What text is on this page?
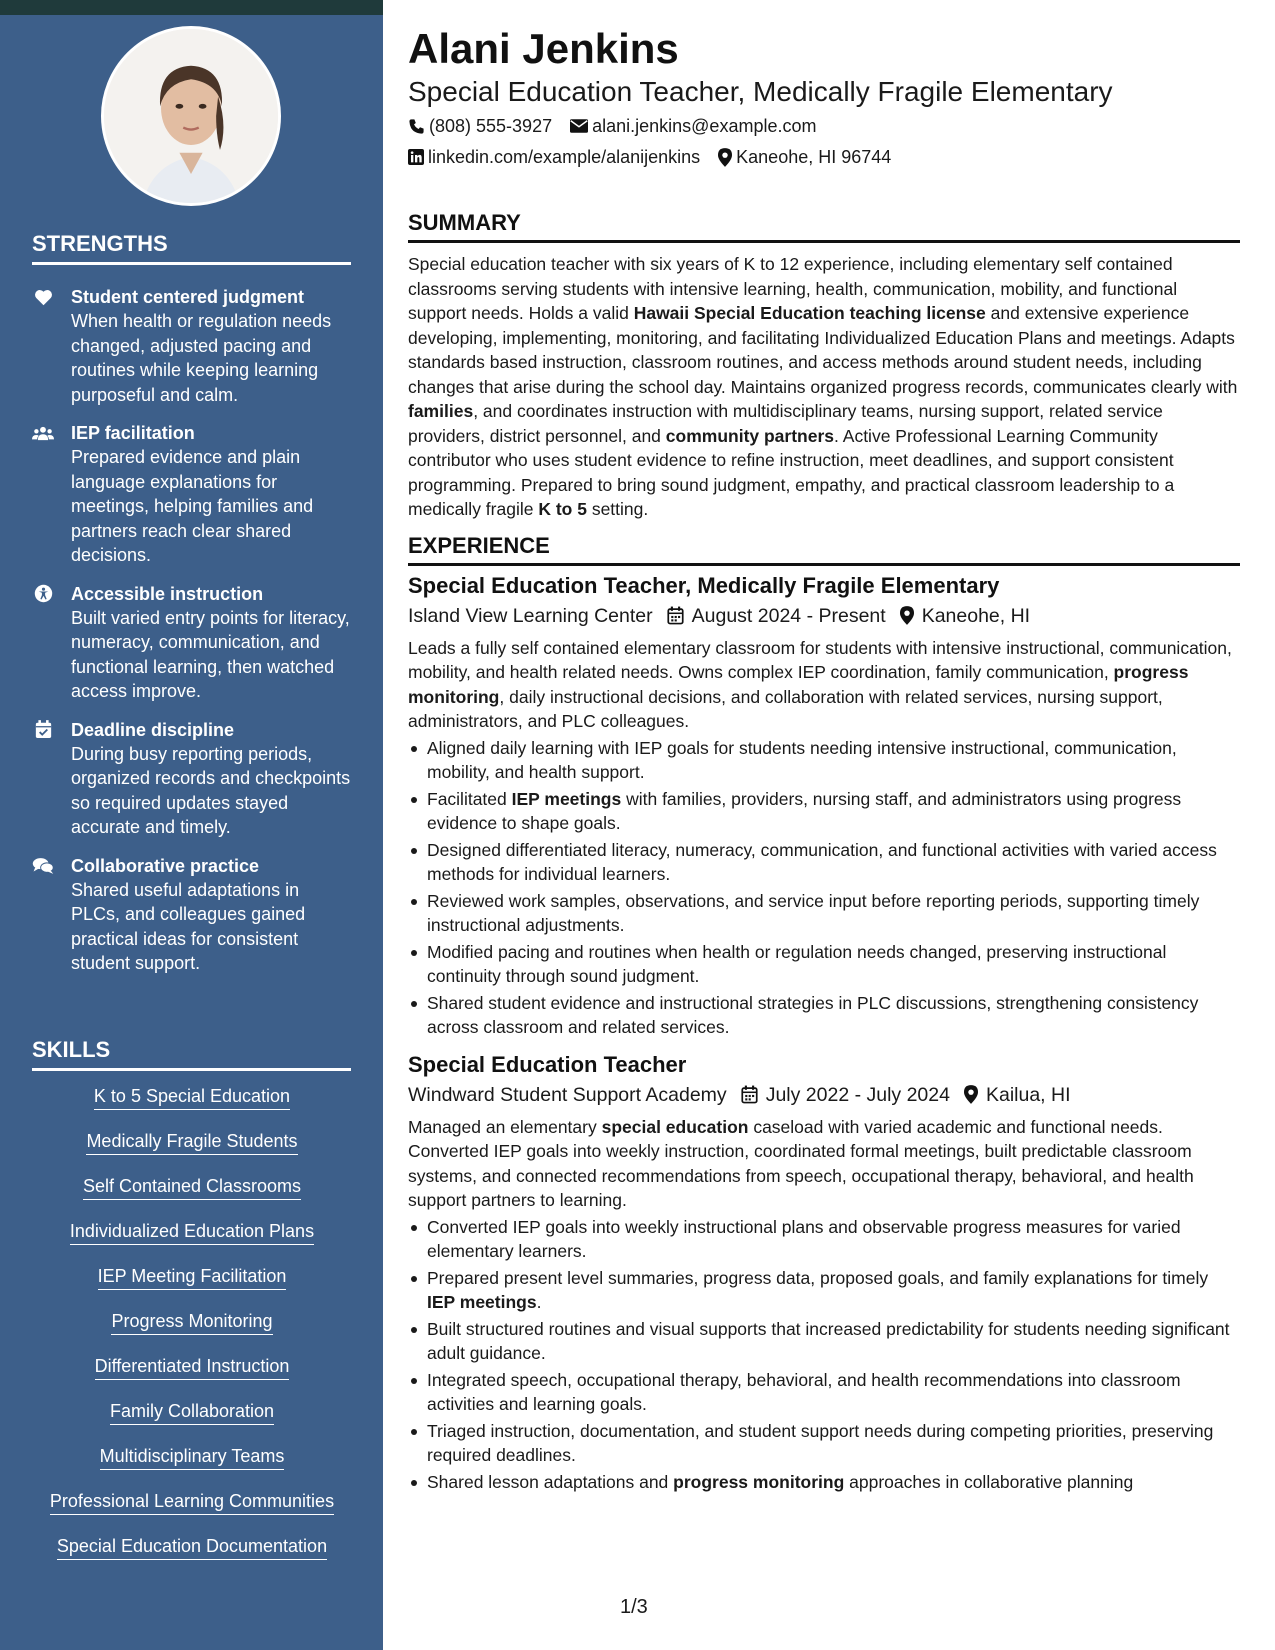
STRENGTHS
Student centered judgment
When health or regulation needs changed, adjusted pacing and routines while keeping learning purposeful and calm.
IEP facilitation
Prepared evidence and plain language explanations for meetings, helping families and partners reach clear shared decisions.
Accessible instruction
Built varied entry points for literacy, numeracy, communication, and functional learning, then watched access improve.
Deadline discipline
During busy reporting periods, organized records and checkpoints so required updates stayed accurate and timely.
Collaborative practice
Shared useful adaptations in PLCs, and colleagues gained practical ideas for consistent student support.
SKILLS
K to 5 Special Education
Medically Fragile Students
Self Contained Classrooms
Individualized Education Plans
IEP Meeting Facilitation
Progress Monitoring
Differentiated Instruction
Family Collaboration
Multidisciplinary Teams
Professional Learning Communities
Special Education Documentation
Alani Jenkins
Special Education Teacher, Medically Fragile Elementary
(808) 555-3927 alani.jenkins@example.com
linkedin.com/example/alanijenkins Kaneohe, HI 96744
SUMMARY

Special education teacher with six years of K to 12 experience, including elementary self contained classrooms serving students with intensive learning, health, communication, mobility, and functional support needs. Holds a valid Hawaii Special Education teaching license and extensive experience developing, implementing, monitoring, and facilitating Individualized Education Plans and meetings. Adapts standards based instruction, classroom routines, and access methods around student needs, including changes that arise during the school day. Maintains organized progress records, communicates clearly with families, and coordinates instruction with multidisciplinary teams, nursing support, related service providers, district personnel, and community partners. Active Professional Learning Community contributor who uses student evidence to refine instruction, meet deadlines, and support consistent programming. Prepared to bring sound judgment, empathy, and practical classroom leadership to a medically fragile K to 5 setting.

EXPERIENCE
Special Education Teacher, Medically Fragile Elementary
Island View Learning Center August 2024 - Present Kaneohe, HI

Leads a fully self contained elementary classroom for students with intensive instructional, communication, mobility, and health related needs. Owns complex IEP coordination, family communication, progress monitoring, daily instructional decisions, and collaboration with related services, nursing support, administrators, and PLC colleagues.

Aligned daily learning with IEP goals for students needing intensive instructional, communication, mobility, and health support.
Facilitated IEP meetings with families, providers, nursing staff, and administrators using progress evidence to shape goals.
Designed differentiated literacy, numeracy, communication, and functional activities with varied access methods for individual learners.
Reviewed work samples, observations, and service input before reporting periods, supporting timely instructional adjustments.
Modified pacing and routines when health or regulation needs changed, preserving instructional continuity through sound judgment.
Shared student evidence and instructional strategies in PLC discussions, strengthening consistency across classroom and related services.
Special Education Teacher
Windward Student Support Academy July 2022 - July 2024 Kailua, HI

Managed an elementary special education caseload with varied academic and functional needs. Converted IEP goals into weekly instruction, coordinated formal meetings, built predictable classroom systems, and connected recommendations from speech, occupational therapy, behavioral, and health support partners to learning.

Converted IEP goals into weekly instructional plans and observable progress measures for varied elementary learners.
Prepared present level summaries, progress data, proposed goals, and family explanations for timely IEP meetings.
Built structured routines and visual supports that increased predictability for students needing significant adult guidance.
Integrated speech, occupational therapy, behavioral, and health recommendations into classroom activities and learning goals.
Triaged instruction, documentation, and student support needs during competing priorities, preserving required deadlines.
Shared lesson adaptations and progress monitoring approaches in collaborative planning
1/3
